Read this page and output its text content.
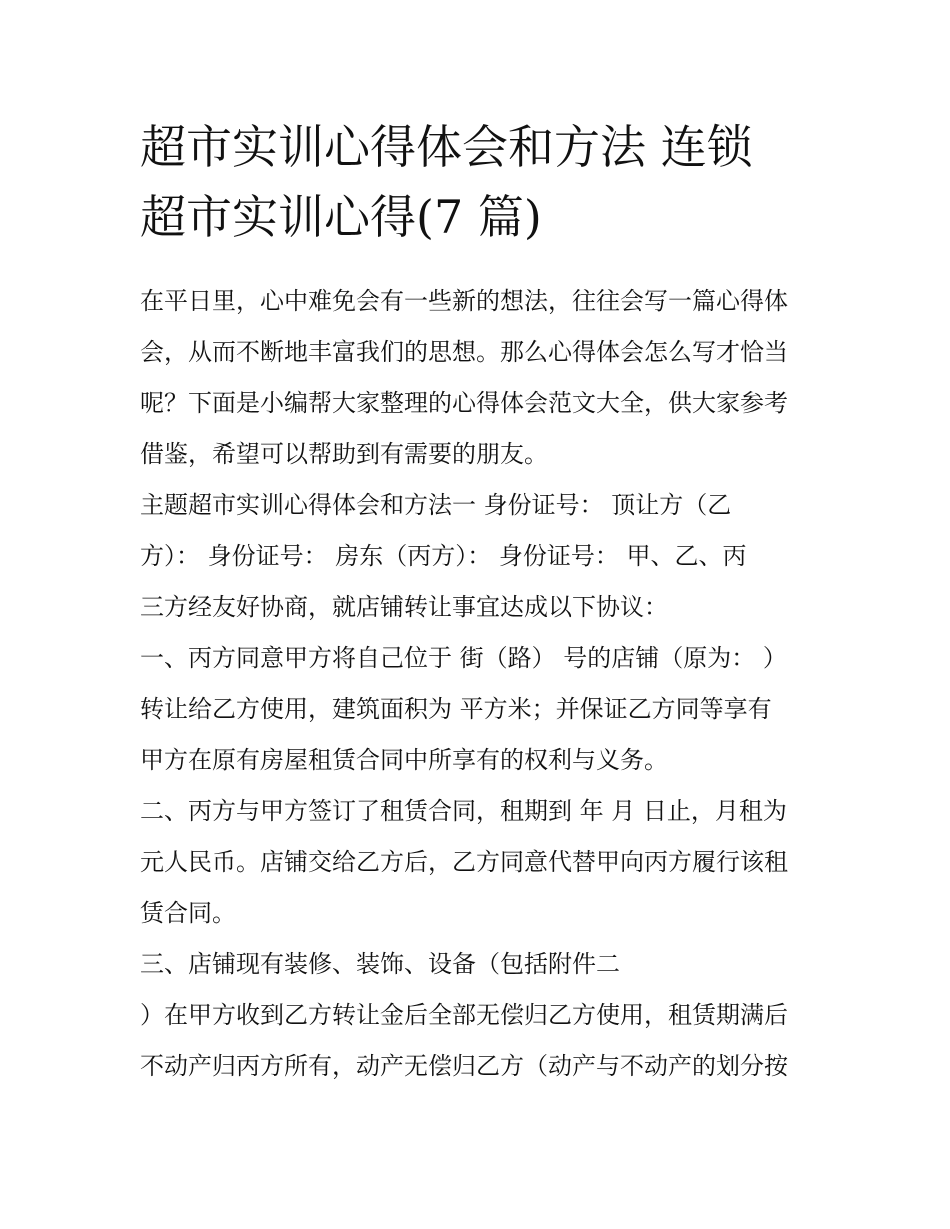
超市实训心得体会和方法 连锁
超市实训心得(7 篇)
在平日里，心中难免会有一些新的想法，往往会写一篇心得体
会，从而不断地丰富我们的思想。那么心得体会怎么写才恰当
呢？下面是小编帮大家整理的心得体会范文大全，供大家参考
借鉴，希望可以帮助到有需要的朋友。
主题超市实训心得体会和方法一 身份证号： 顶让方（乙
方）： 身份证号： 房东（丙方）： 身份证号： 甲、乙、丙
三方经友好协商，就店铺转让事宜达成以下协议：
一、丙方同意甲方将自己位于 街（路） 号的店铺（原为： ）
转让给乙方使用，建筑面积为 平方米；并保证乙方同等享有
甲方在原有房屋租赁合同中所享有的权利与义务。
二、丙方与甲方签订了租赁合同，租期到 年 月 日止，月租为
元人民币。店铺交给乙方后，乙方同意代替甲向丙方履行该租
赁合同。
三、店铺现有装修、装饰、设备（包括附件二
）在甲方收到乙方转让金后全部无偿归乙方使用，租赁期满后
不动产归丙方所有，动产无偿归乙方（动产与不动产的划分按
